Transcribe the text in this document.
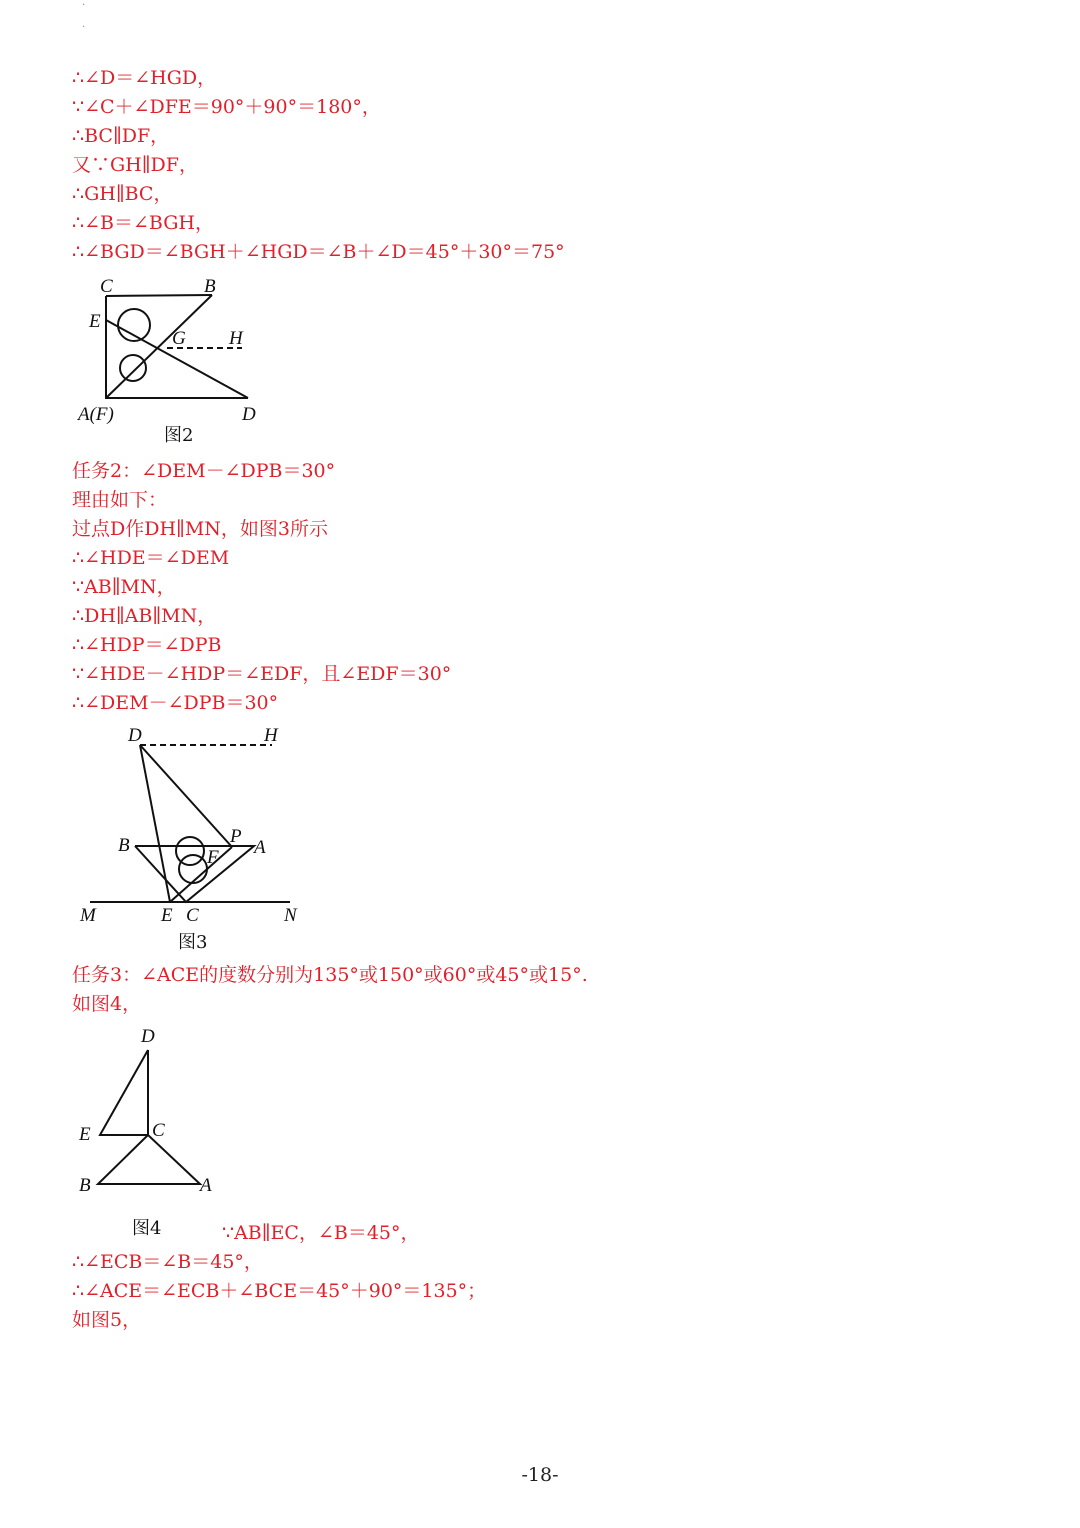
·
·
∴∠D＝∠HGD，
∵∠C＋∠DFE＝90°＋90°＝180°，
∴BC∥DF，
又∵GH∥DF，
∴GH∥BC，
∴∠B＝∠BGH，
∴∠BGD＝∠BGH＋∠HGD＝∠B＋∠D＝45°＋30°＝75°
C	B
E
G H
A(F)	D
图2
任务2：∠DEM－∠DPB＝30°
理由如下：
过点D作DH∥MN，如图3所示
∴∠HDE＝∠DEM
∵AB∥MN，
∴DH∥AB∥MN，
∴∠HDP＝∠DPB
∵∠HDE－∠HDP＝∠EDF，且∠EDF＝30°
∴∠DEM－∠DPB＝30°
D	H
B	P
A
F
M	E C	N
图3
任务3：∠ACE的度数分别为135°或150°或60°或45°或15°.
如图4，
D
E	C
B	A
图4	∵AB∥EC，∠B＝45°，
∴∠ECB＝∠B＝45°，
∴∠ACE＝∠ECB＋∠BCE＝45°＋90°＝135°；
如图5，
-18-
